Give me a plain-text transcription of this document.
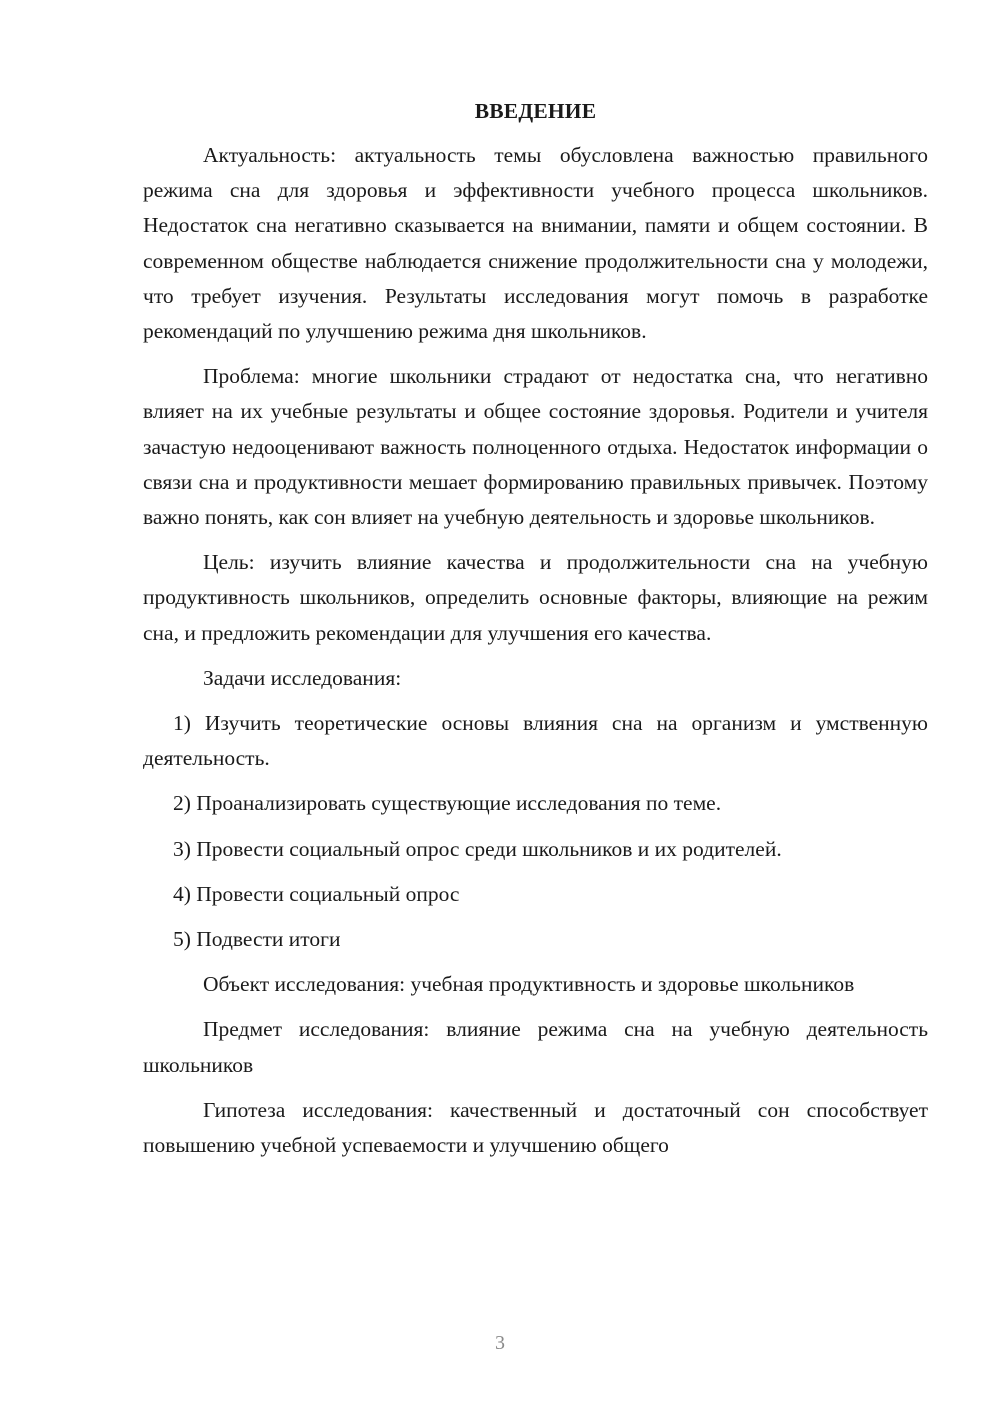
ВВЕДЕНИЕ

Актуальность: актуальность темы обусловлена важностью правильного режима сна для здоровья и эффективности учебного процесса школьников. Недостаток сна негативно сказывается на внимании, памяти и общем состоянии. В современном обществе наблюдается снижение продолжительности сна у молодежи, что требует изучения. Результаты исследования могут помочь в разработке рекомендаций по улучшению режима дня школьников.

Проблема: многие школьники страдают от недостатка сна, что негативно влияет на их учебные результаты и общее состояние здоровья. Родители и учителя зачастую недооценивают важность полноценного отдыха. Недостаток информации о связи сна и продуктивности мешает формированию правильных привычек. Поэтому важно понять, как сон влияет на учебную деятельность и здоровье школьников.

Цель: изучить влияние качества и продолжительности сна на учебную продуктивность школьников, определить основные факторы, влияющие на режим сна, и предложить рекомендации для улучшения его качества.

Задачи исследования:

1) Изучить теоретические основы влияния сна на организм и умственную деятельность.

2) Проанализировать существующие исследования по теме.

3) Провести социальный опрос среди школьников и их родителей.

4) Провести социальный опрос

5) Подвести итоги

Объект исследования: учебная продуктивность и здоровье школьников

Предмет исследования: влияние режима сна на учебную деятельность школьников

Гипотеза исследования: качественный и достаточный сон способствует повышению учебной успеваемости и улучшению общего

3
